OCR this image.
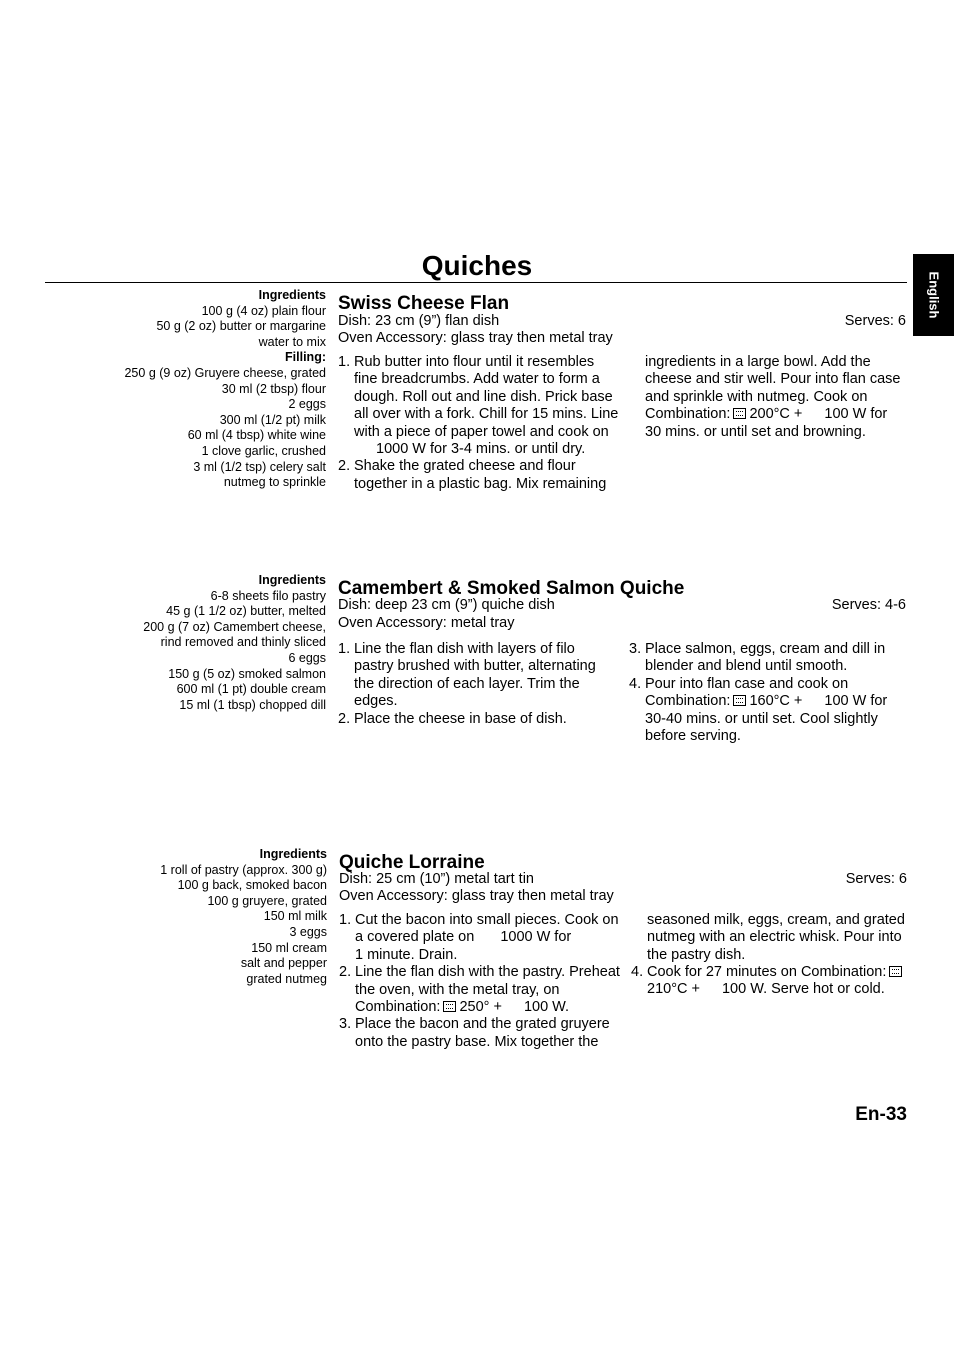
Quiches
English
Ingredients
100 g (4 oz) plain flour
50 g (2 oz) butter or margarine
water to mix
Filling:
250 g (9 oz) Gruyere cheese, grated
30 ml (2 tbsp) flour
2 eggs
300 ml (1/2 pt) milk
60 ml (4 tbsp) white wine
1 clove garlic, crushed
3 ml (1/2 tsp) celery salt
nutmeg to sprinkle
Swiss Cheese Flan
Dish: 23 cm (9”) flan dish	Serves: 6
Oven Accessory: glass tray then metal tray
1. Rub butter into flour until it resembles fine breadcrumbs. Add water to form a dough. Roll out and line dish. Prick base all over with a fork. Chill for 15 mins. Line with a piece of paper towel and cook on
1000 W for 3-4 mins. or until dry.
2. Shake the grated cheese and flour together in a plastic bag. Mix remaining
ingredients in a large bowl. Add the cheese and stir well. Pour into flan case and sprinkle with nutmeg. Cook on
Combination: 200°C + 100 W for
30 mins. or until set and browning.
Ingredients
6-8 sheets filo pastry
45 g (1 1/2 oz) butter, melted
200 g (7 oz) Camembert cheese,
rind removed and thinly sliced
6 eggs
150 g (5 oz) smoked salmon
600 ml (1 pt) double cream
15 ml (1 tbsp) chopped dill
Camembert & Smoked Salmon Quiche
Dish: deep 23 cm (9”) quiche dish	Serves: 4-6
Oven Accessory: metal tray
1. Line the flan dish with layers of filo pastry brushed with butter, alternating the direction of each layer. Trim the edges.
2. Place the cheese in base of dish.
3. Place salmon, eggs, cream and dill in blender and blend until smooth.
4. Pour into flan case and cook on
Combination: 160°C + 100 W for
30-40 mins. or until set. Cool slightly before serving.
Ingredients
1 roll of pastry (approx. 300 g)
100 g back, smoked bacon
100 g gruyere, grated
150 ml milk
3 eggs
150 ml cream
salt and pepper
grated nutmeg
Quiche Lorraine
Dish: 25 cm (10”) metal tart tin	Serves: 6
Oven Accessory: glass tray then metal tray
1. Cut the bacon into small pieces. Cook on a covered plate on 1000 W for
1 minute. Drain.
2. Line the flan dish with the pastry. Preheat the oven, with the metal tray, on Combination: 250° + 100 W.
3. Place the bacon and the grated gruyere onto the pastry base. Mix together the
seasoned milk, eggs, cream, and grated nutmeg with an electric whisk. Pour into the pastry dish.
4. Cook for 27 minutes on Combination:
210°C + 100 W. Serve hot or cold.
En-33
